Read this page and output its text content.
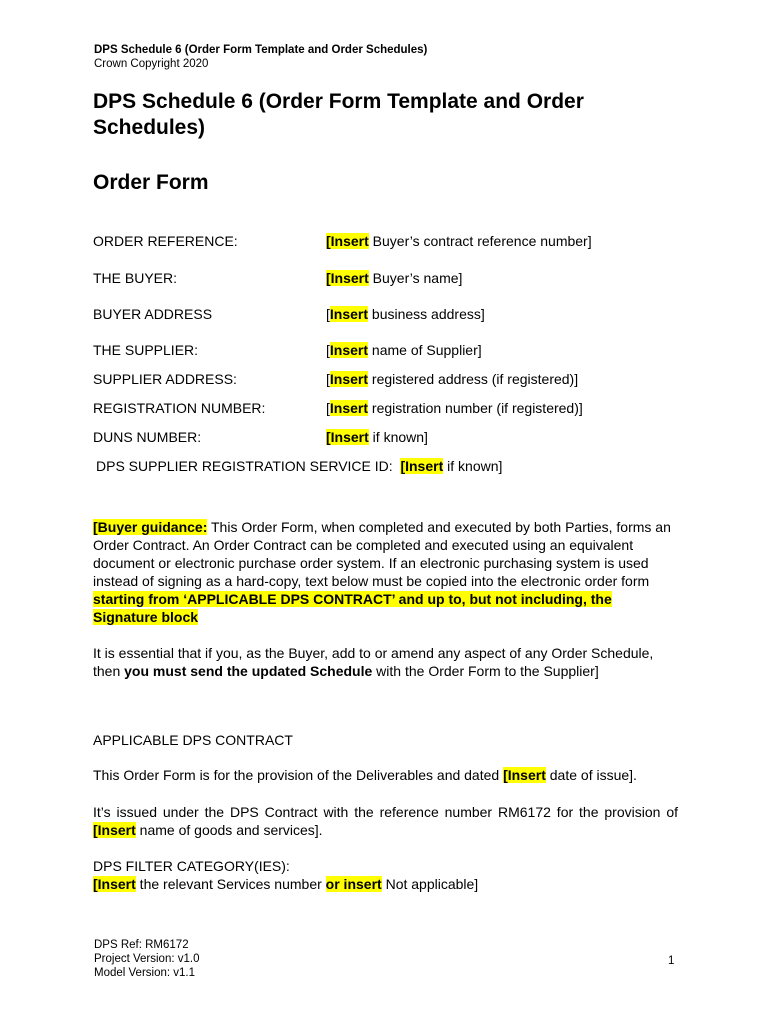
DPS Schedule 6 (Order Form Template and Order Schedules)
Crown Copyright 2020
DPS Schedule 6 (Order Form Template and Order Schedules)
Order Form
ORDER REFERENCE:	[Insert Buyer’s contract reference number]
THE BUYER:	[Insert Buyer’s name]
BUYER ADDRESS	[Insert business address]
THE SUPPLIER:	[Insert name of Supplier]
SUPPLIER ADDRESS:	[Insert registered address (if registered)]
REGISTRATION NUMBER:	[Insert registration number (if registered)]
DUNS NUMBER:	[Insert if known]
DPS SUPPLIER REGISTRATION SERVICE ID: [Insert if known]
[Buyer guidance: This Order Form, when completed and executed by both Parties, forms an Order Contract. An Order Contract can be completed and executed using an equivalent document or electronic purchase order system. If an electronic purchasing system is used instead of signing as a hard-copy, text below must be copied into the electronic order form starting from ‘APPLICABLE DPS CONTRACT’ and up to, but not including, the Signature block
It is essential that if you, as the Buyer, add to or amend any aspect of any Order Schedule, then you must send the updated Schedule with the Order Form to the Supplier]
APPLICABLE DPS CONTRACT
This Order Form is for the provision of the Deliverables and dated [Insert date of issue].
It’s issued under the DPS Contract with the reference number RM6172 for the provision of [Insert name of goods and services].
DPS FILTER CATEGORY(IES):
[Insert the relevant Services number or insert Not applicable]
DPS Ref: RM6172
Project Version: v1.0
Model Version: v1.1
1
